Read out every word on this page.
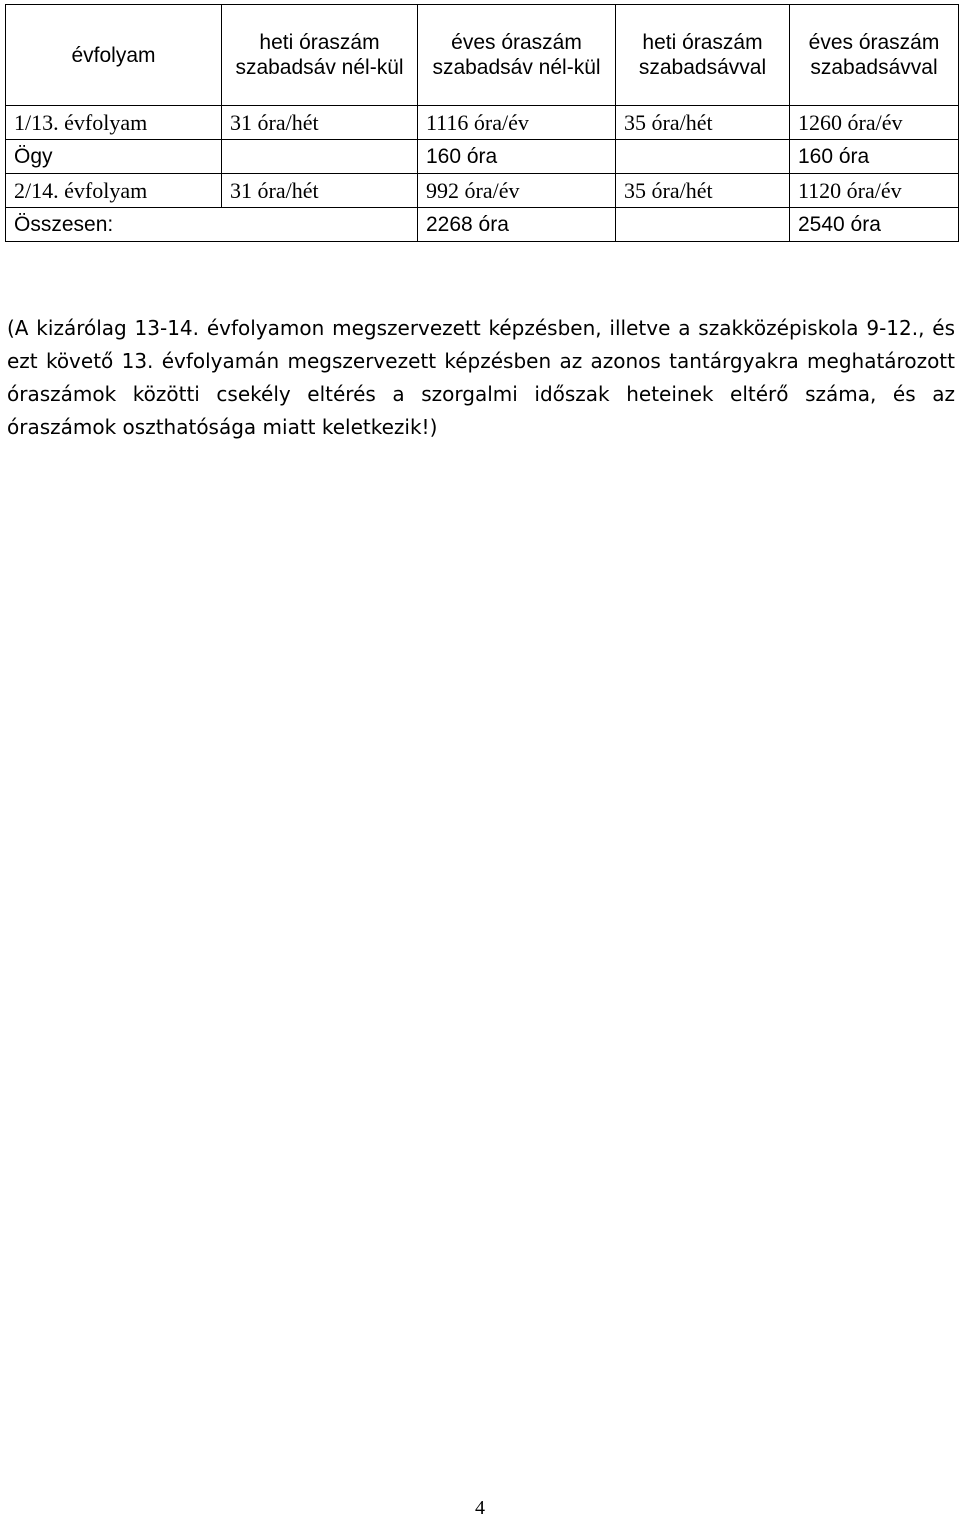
évfolyam	heti óraszám szabadsáv nél-kül	éves óraszám szabadsáv nél-kül	heti óraszám szabadsávval	éves óraszám szabadsávval
1/13. évfolyam	31 óra/hét	1116 óra/év	35 óra/hét	1260 óra/év
Ögy		160 óra		160 óra
2/14. évfolyam	31 óra/hét	992 óra/év	35 óra/hét	1120 óra/év
Összesen:		2268 óra		2540 óra

(A kizárólag 13-14. évfolyamon megszervezett képzésben, illetve a szakközépiskola 9-12., és ezt követő 13. évfolyamán megszervezett képzésben az azonos tantárgyakra meghatározott óraszámok közötti csekély eltérés a szorgalmi időszak heteinek eltérő száma, és az óraszámok oszthatósága miatt keletkezik!)

4
